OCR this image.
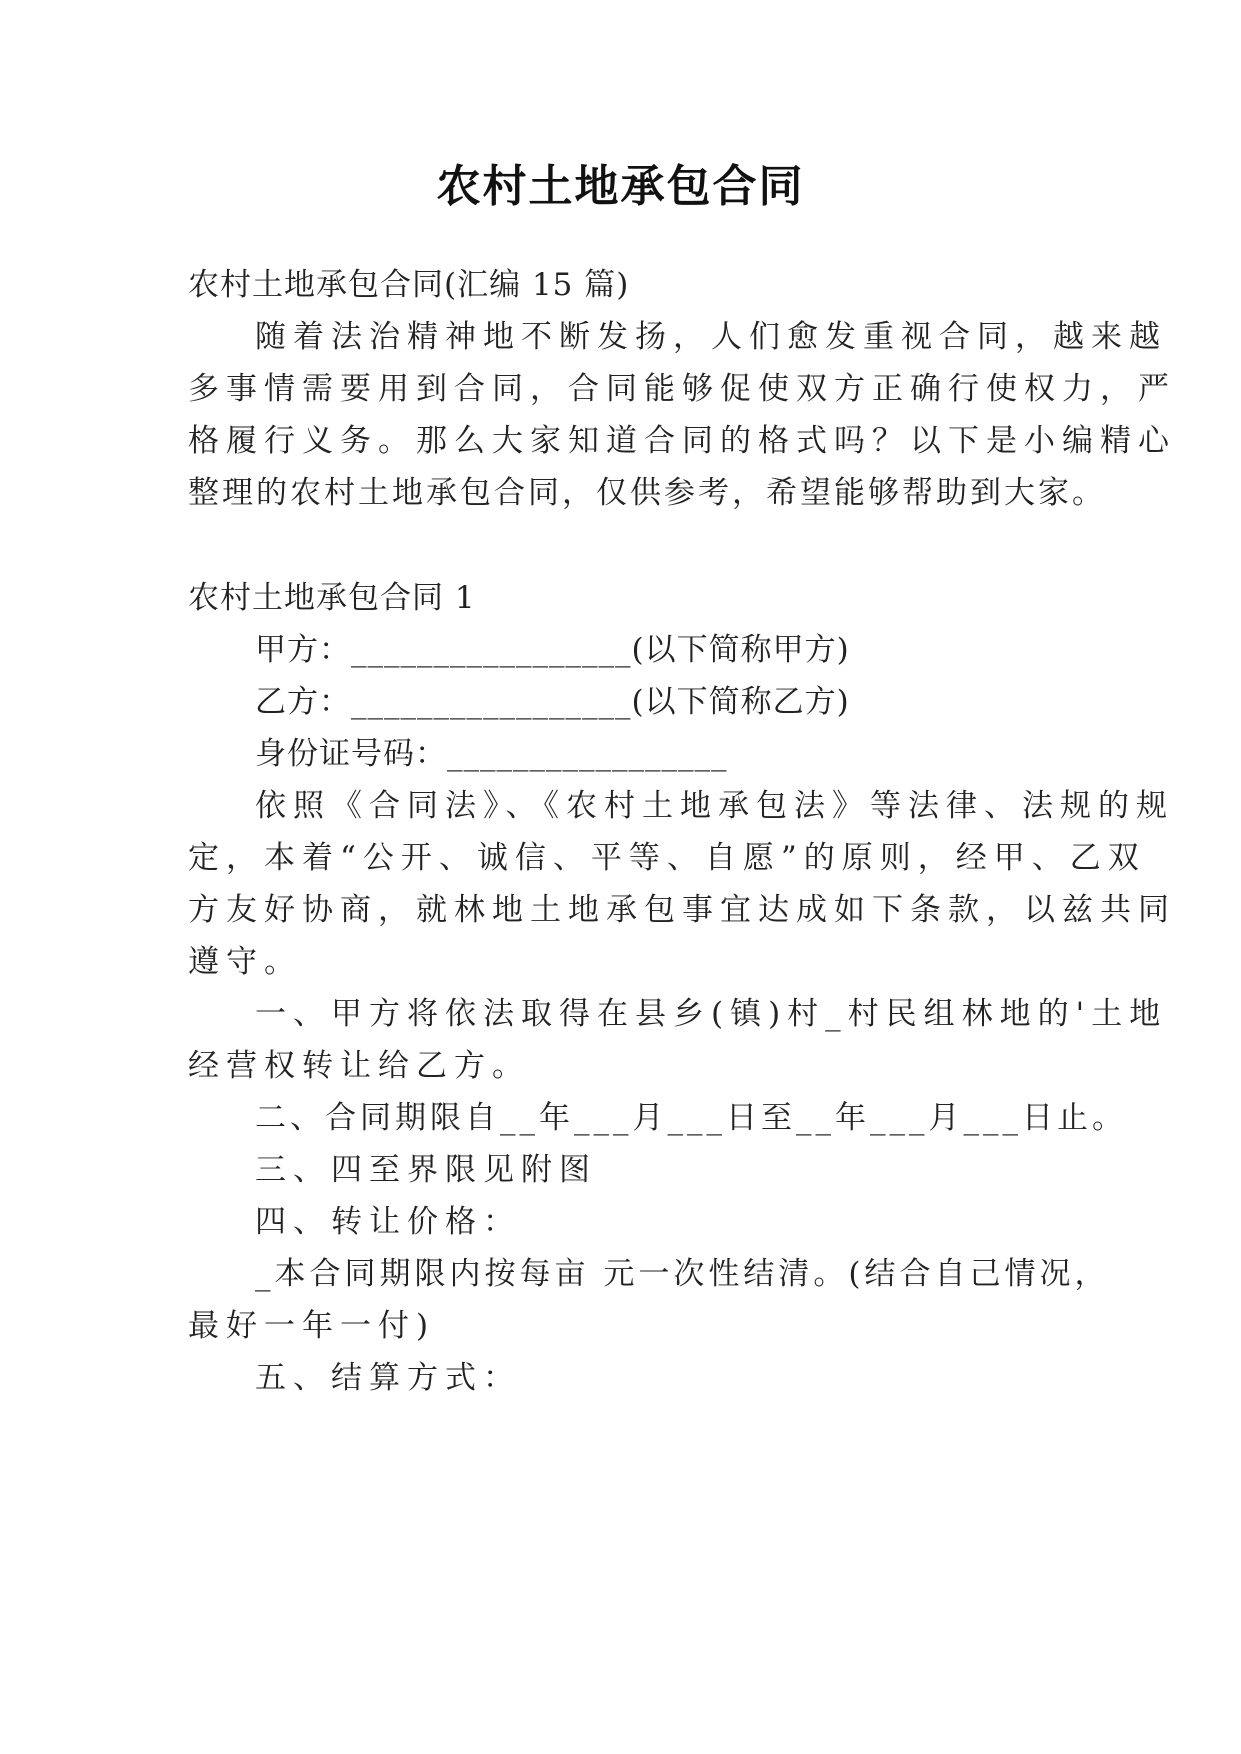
农村土地承包合同
农村土地承包合同(汇编 15 篇)
随着法治精神地不断发扬，人们愈发重视合同，越来越
多事情需要用到合同，合同能够促使双方正确行使权力，严
格履行义务。那么大家知道合同的格式吗？以下是小编精心
整理的农村土地承包合同，仅供参考，希望能够帮助到大家。
农村土地承包合同 1
甲方：_________________(以下简称甲方)
乙方：_________________(以下简称乙方)
身份证号码：_________________
依照《合同法》、《农村土地承包法》等法律、法规的规
定，本着“公开、诚信、平等、自愿”的原则，经甲、乙双
方友好协商，就林地土地承包事宜达成如下条款，以兹共同
遵守。
一、甲方将依法取得在县乡(镇)村_村民组林地的'土地
经营权转让给乙方。
二、合同期限自__年___月___日至__年___月___日止。
三、四至界限见附图
四、转让价格：
_本合同期限内按每亩 元一次性结清。(结合自己情况，
最好一年一付)
五、结算方式：
